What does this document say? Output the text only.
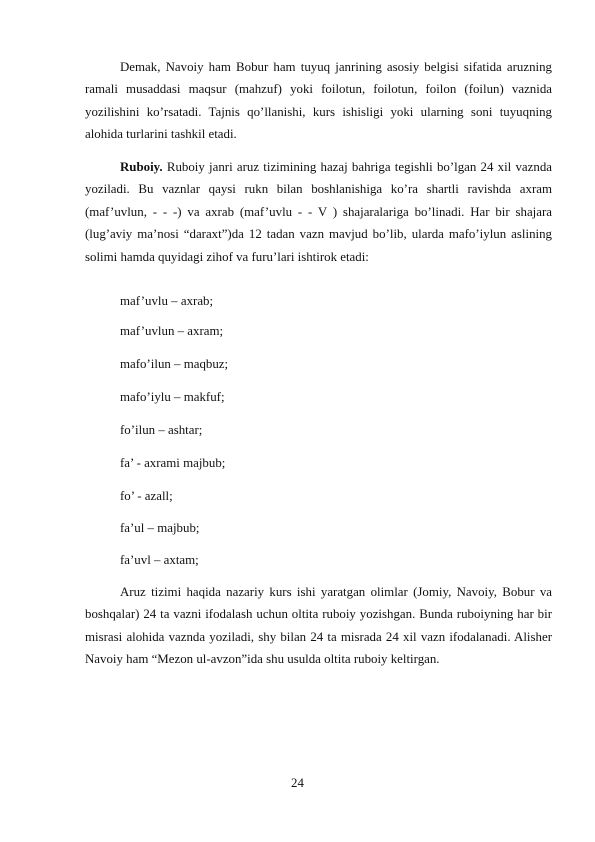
Demak, Navoiy ham Bobur ham tuyuq janrining asosiy belgisi sifatida aruzning ramali musaddasi maqsur (mahzuf) yoki foilotun, foilotun, foilon (foilun) vaznida yozilishini ko’rsatadi. Tajnis qo’llanishi, kurs ishisligi yoki ularning soni tuyuqning alohida turlarini tashkil etadi.

Ruboiy. Ruboiy janri aruz tizimining hazaj bahriga tegishli bo’lgan 24 xil vaznda yoziladi. Bu vaznlar qaysi rukn bilan boshlanishiga ko’ra shartli ravishda axram (maf’uvlun, - - -) va axrab (maf’uvlu - - V ) shajaralariga bo’linadi. Har bir shajara (lug’aviy ma’nosi “daraxt”)da 12 tadan vazn mavjud bo’lib, ularda mafo’iylun aslining solimi hamda quyidagi zihof va furu’lari ishtirok etadi:

maf’uvlu – axrab;

maf’uvlun – axram;

mafo’ilun – maqbuz;

mafo’iylu – makfuf;

fo’ilun – ashtar;

fa’ - axrami majbub;

fo’ - azall;

fa’ul – majbub;

fa’uvl – axtam;

Aruz tizimi haqida nazariy kurs ishi yaratgan olimlar (Jomiy, Navoiy, Bobur va boshqalar) 24 ta vazni ifodalash uchun oltita ruboiy yozishgan. Bunda ruboiyning har bir misrasi alohida vaznda yoziladi, shy bilan 24 ta misrada 24 xil vazn ifodalanadi. Alisher Navoiy ham “Mezon ul-avzon”ida shu usulda oltita ruboiy keltirgan.

24
